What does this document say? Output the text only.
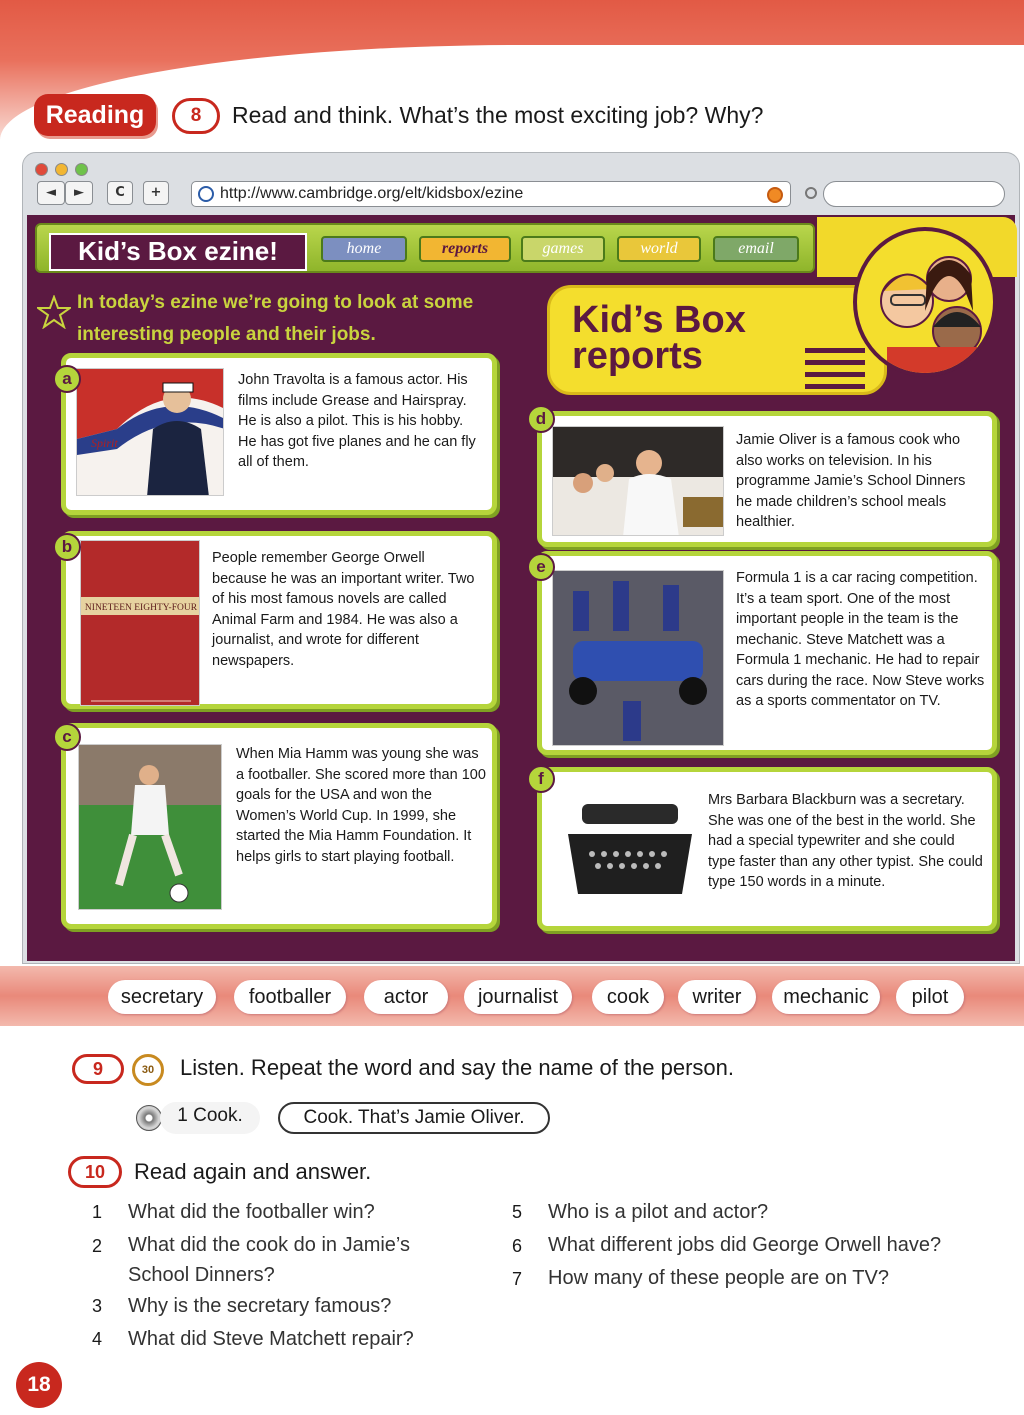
Reading	8	Read and think. What’s the most exciting job? Why?
◄	►	C	+	http://www.cambridge.org/elt/kidsbox/ezine
Kid’s Box ezine!	home	reports	games	world	email
In today’s ezine we’re going to look at some interesting people and their jobs.	Kid’s Box reports
Spirit
John Travolta is a famous actor. His films include Grease and Hairspray. He is also a pilot. This is his hobby. He has got five planes and he can fly all of them.
a
NINETEEN EIGHTY-FOUR
People remember George Orwell because he was an important writer. Two of his most famous novels are called Animal Farm and 1984. He was also a journalist, and wrote for different newspapers.
b
When Mia Hamm was young she was a footballer. She scored more than 100 goals for the USA and won the Women’s World Cup. In 1999, she started the Mia Hamm Foundation. It helps girls to start playing football.
c
Jamie Oliver is a famous cook who also works on television. In his programme Jamie’s School Dinners he made children’s school meals healthier.
d
Formula 1 is a car racing competition. It’s a team sport. One of the most important people in the team is the mechanic. Steve Matchett was a Formula 1 mechanic. He had to repair cars during the race. Now Steve works as a sports commentator on TV.
e
Mrs Barbara Blackburn was a secretary. She was one of the best in the world. She had a special typewriter and she could type faster than any other typist. She could type 150 words in a minute.
f
secretary	footballer	actor	journalist	cook	writer	mechanic	pilot
9	30	Listen. Repeat the word and say the name of the person.
1 Cook.	Cook. That’s Jamie Oliver.
10	Read again and answer.
1 What did the footballer win?
2 What did the cook do in Jamie’s School Dinners?
3 Why is the secretary famous?
4 What did Steve Matchett repair?
5 Who is a pilot and actor?
6 What different jobs did George Orwell have?
7 How many of these people are on TV?
18
